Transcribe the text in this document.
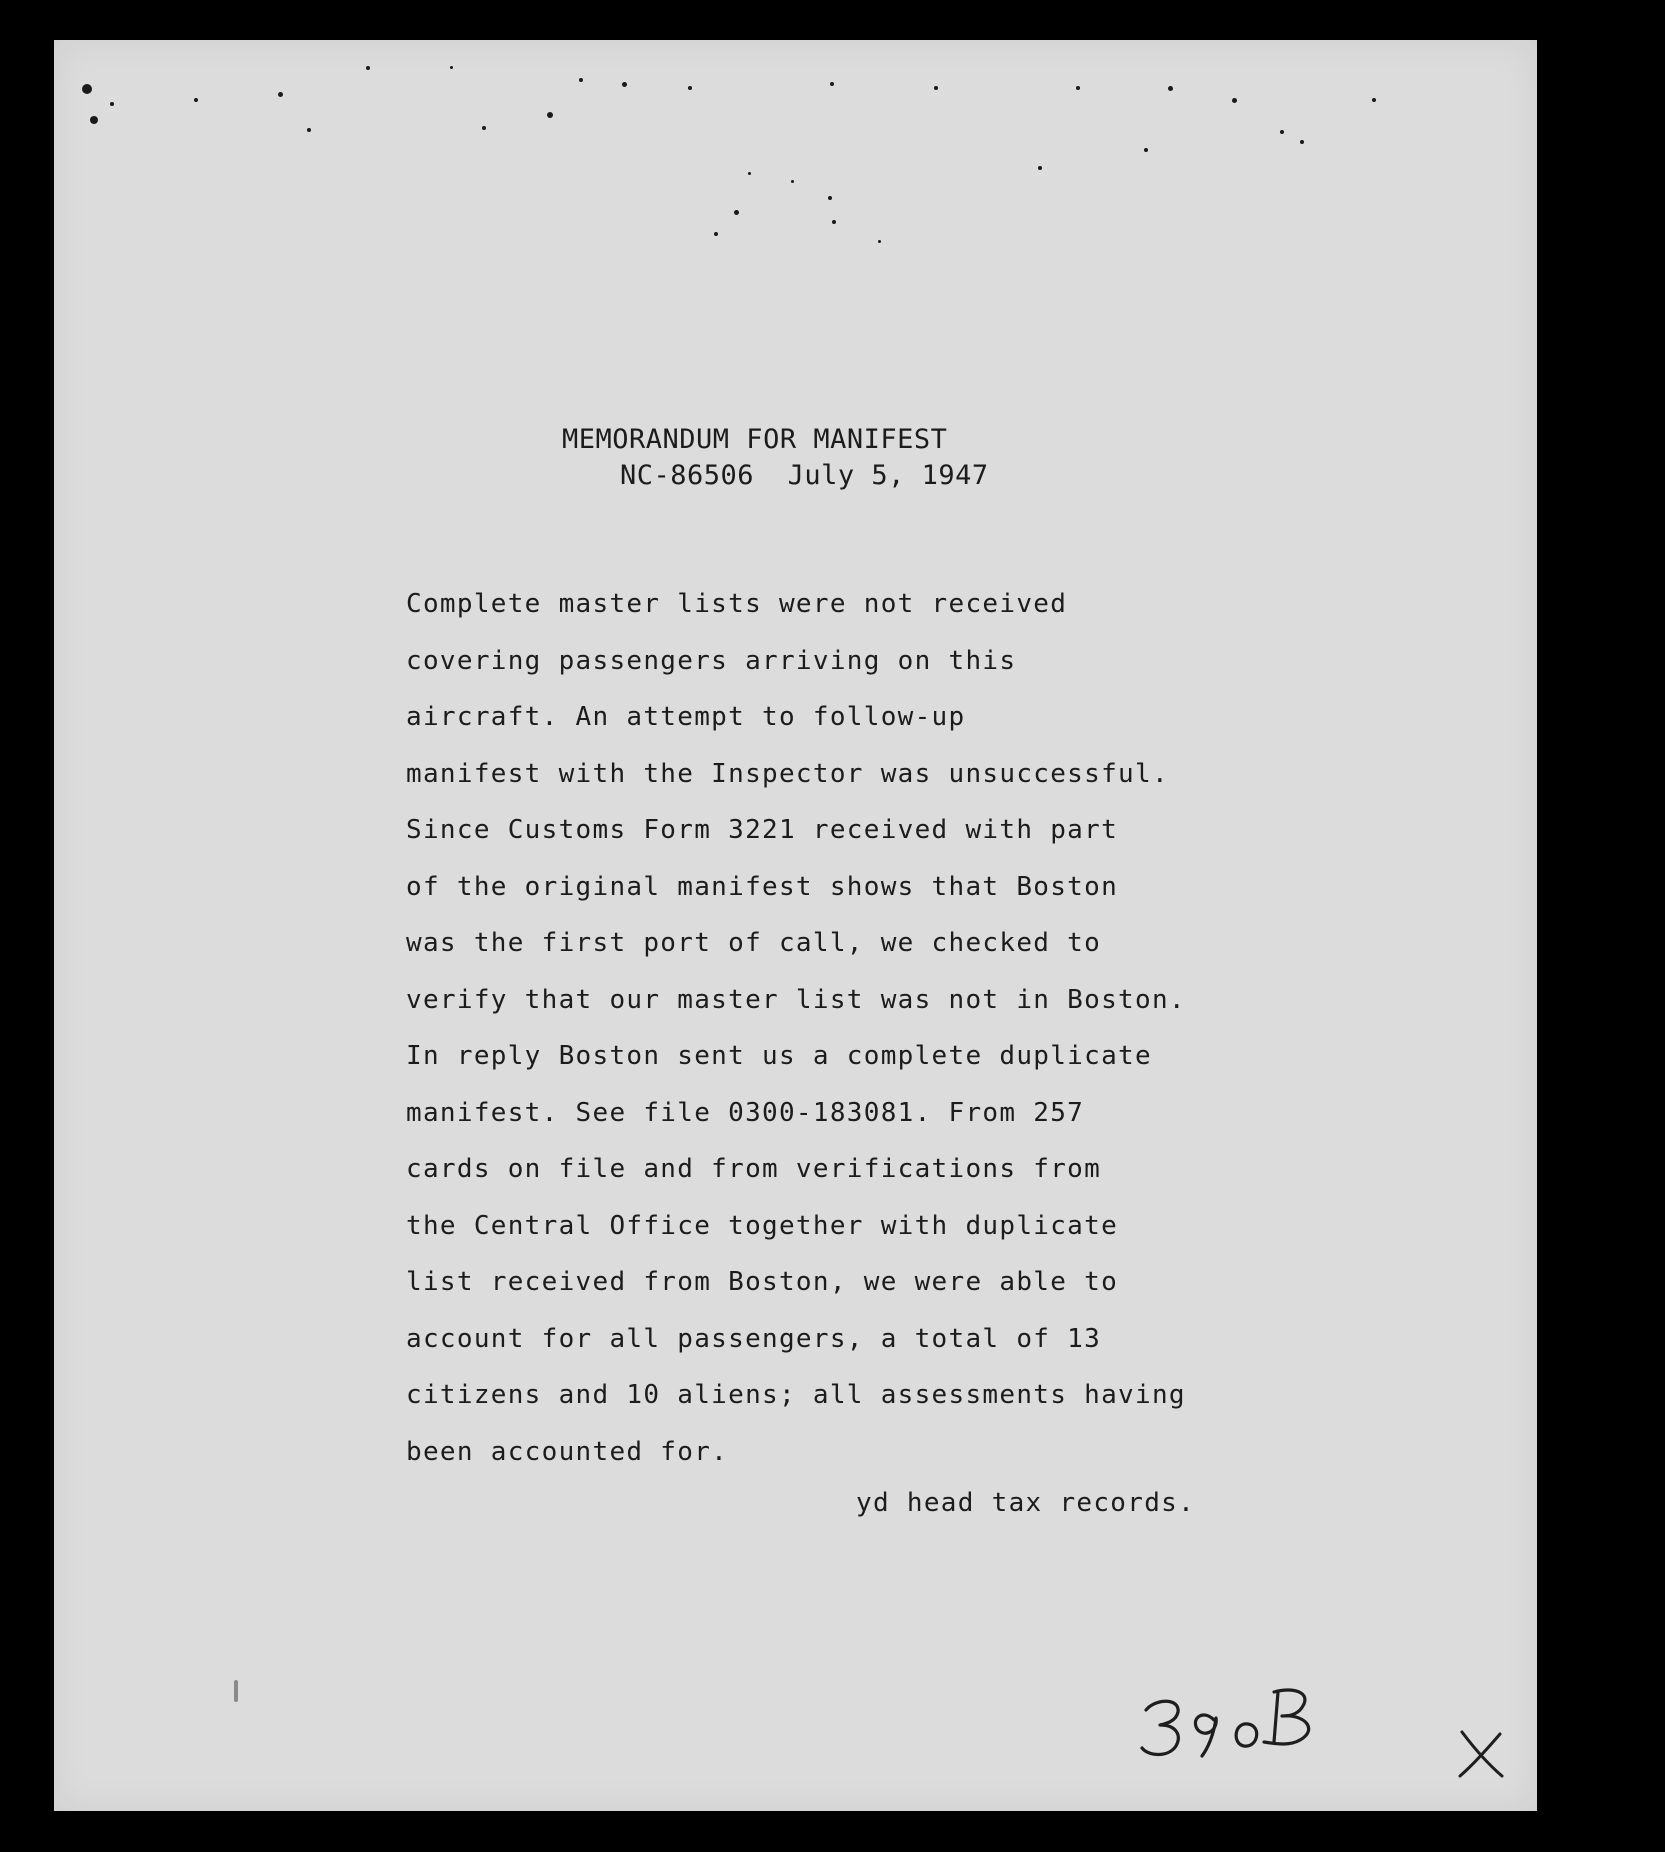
MEMORANDUM FOR MANIFEST
NC-86506 July 5, 1947
Complete master lists were not received
covering passengers arriving on this
aircraft. An attempt to follow-up
manifest with the Inspector was unsuccessful.
Since Customs Form 3221 received with part
of the original manifest shows that Boston
was the first port of call, we checked to
verify that our master list was not in Boston.
In reply Boston sent us a complete duplicate
manifest. See file 0300-183081. From 257
cards on file and from verifications from
the Central Office together with duplicate
list received from Boston, we were able to
account for all passengers, a total of 13
citizens and 10 aliens; all assessments having
been accounted for.
yd head tax records.
